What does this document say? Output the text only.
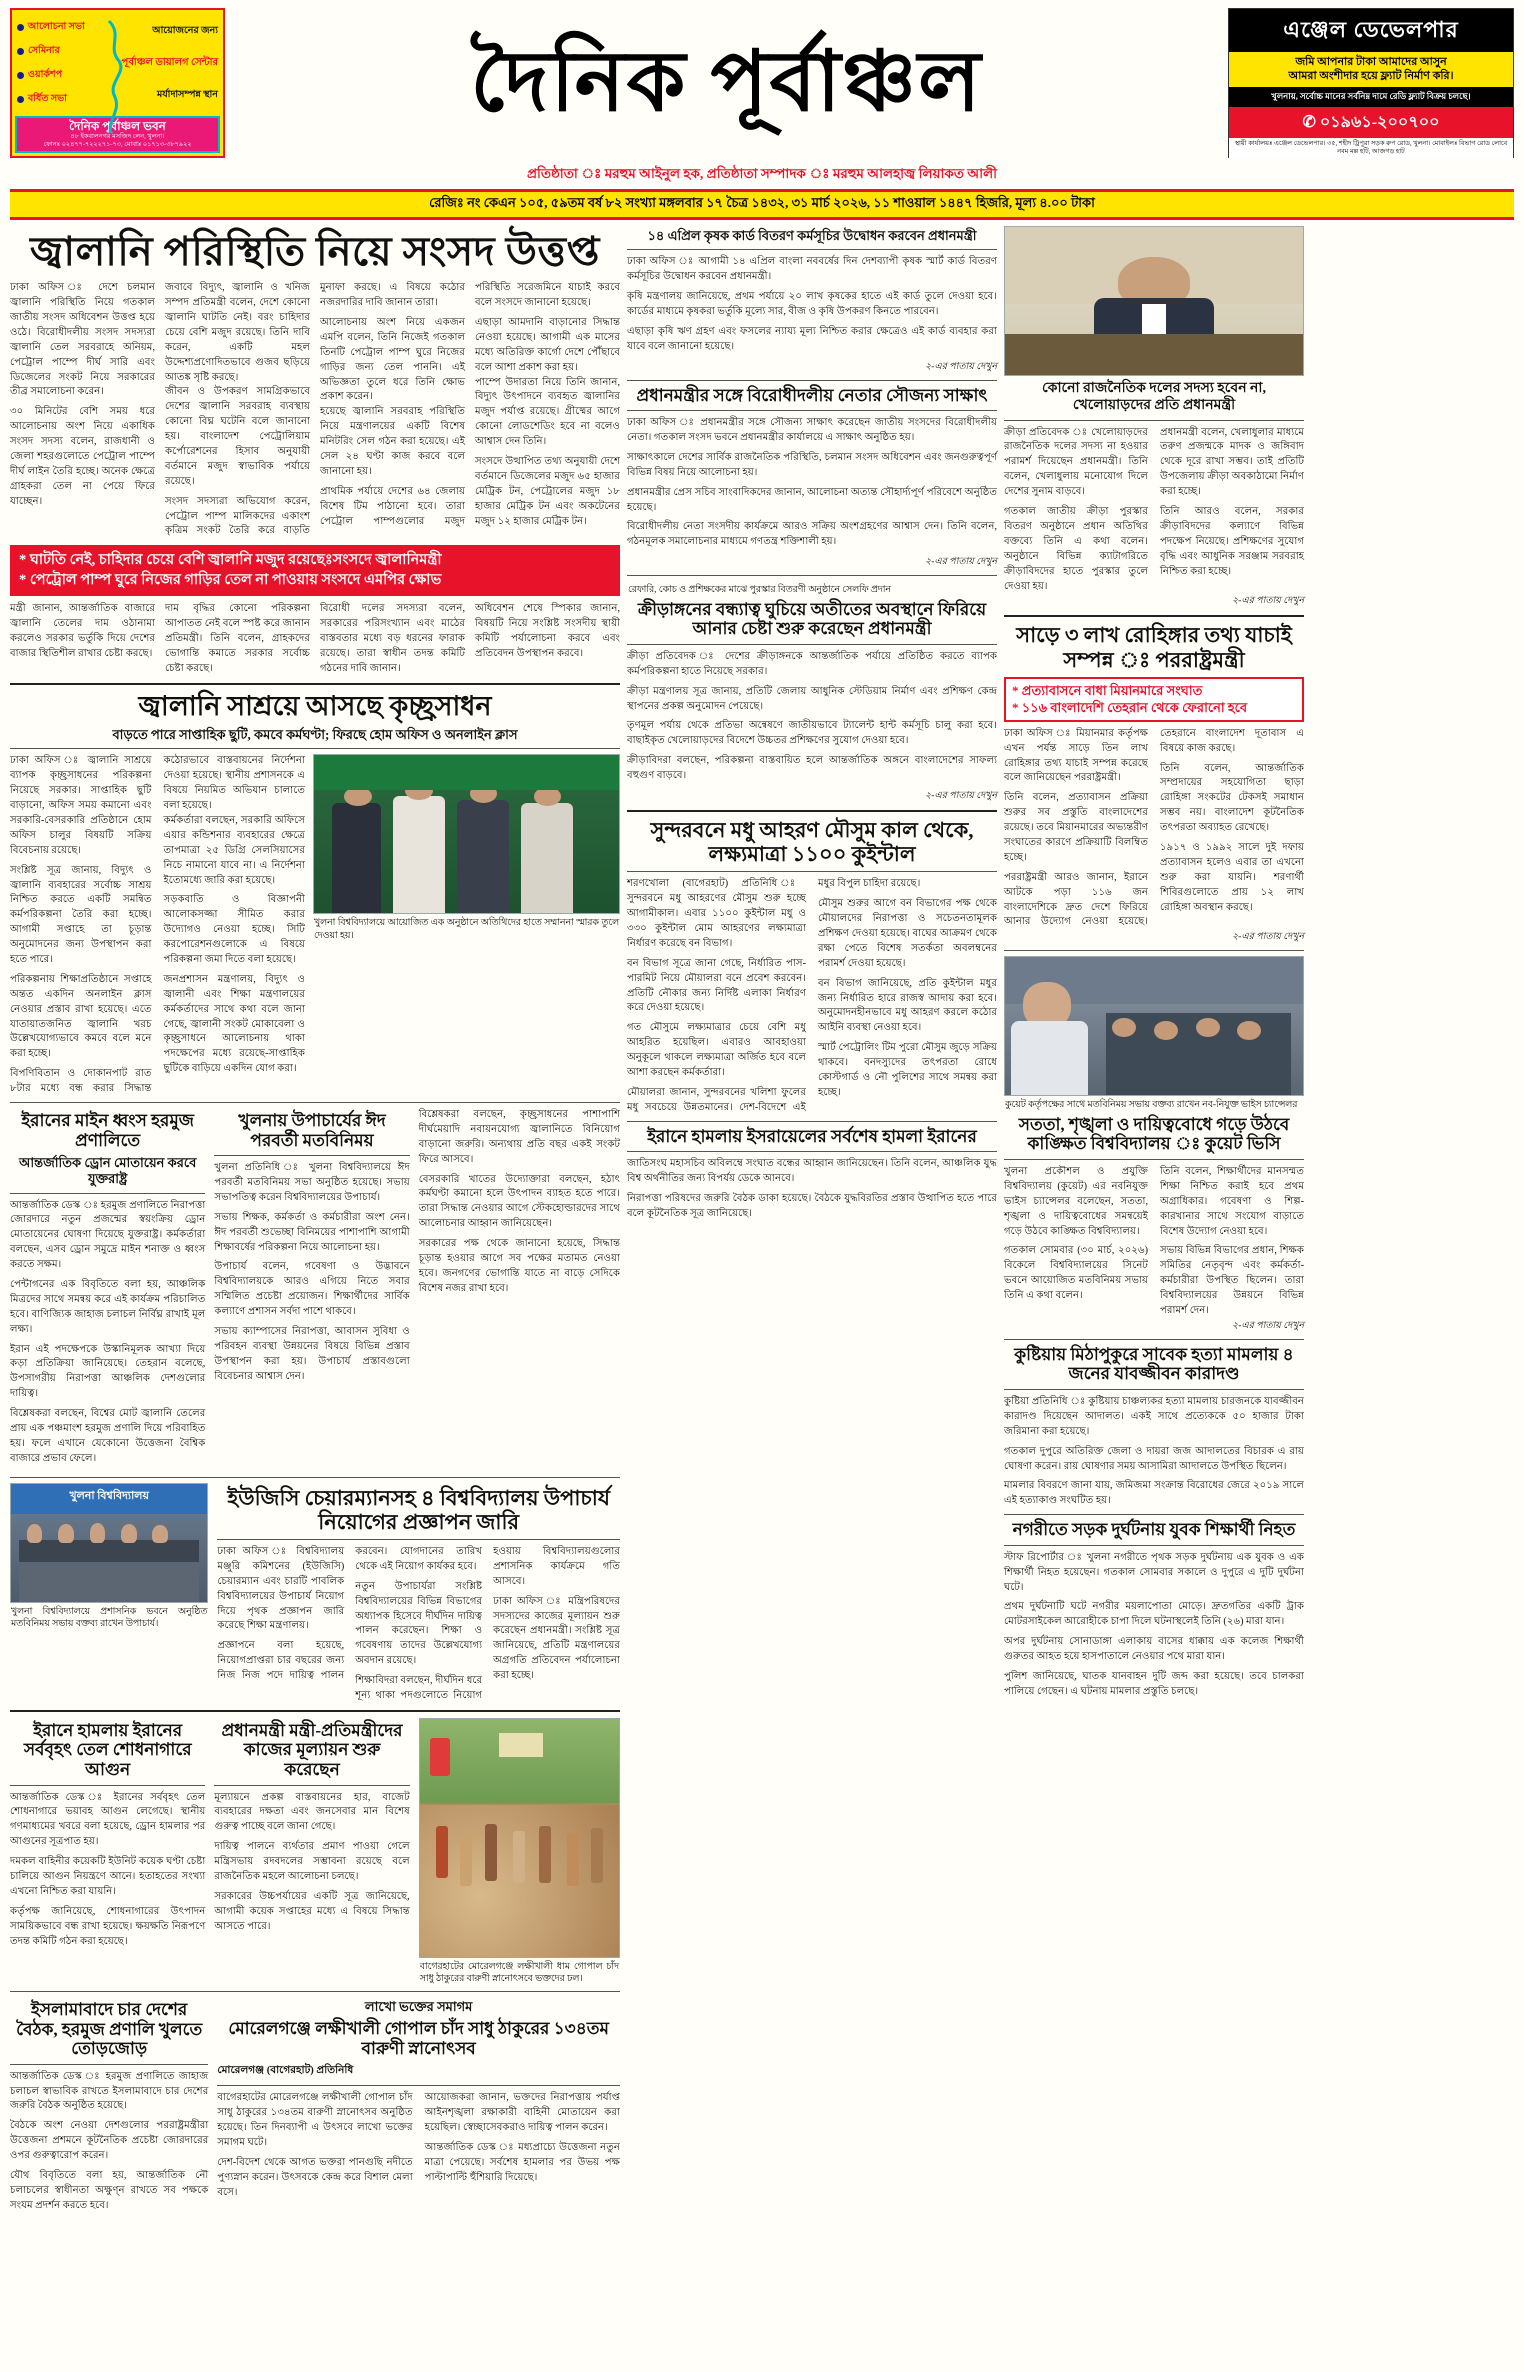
আলোচনা সভা
সেমিনার
ওয়ার্কশপ
বর্ধিত সভা
আয়োজনের জন্য
পূর্বাঞ্চল ডায়ালগ সেন্টার
মর্যাদাসম্পন্ন স্থান
দৈনিক পূর্বাঞ্চল ভবন
৪৮ ইকবালনগর মসজিদ লেন, খুলনা।
ফোনঃ ০২৪৭৭-৭২২২৭১-৭৩, মোবাঃ ০১৭১৩-৩৮৭৯২২
দৈনিক পূর্বাঞ্চল
এঞ্জেল ডেভেলপার
জমি আপনার টাকা আমাদের আসুন
আমরা অংশীদার হয়ে ফ্ল্যাট নির্মাণ করি।
খুলনায়, সর্বোচ্চ মানের সর্বনিম্ন দামে রেডি ফ্ল্যাট বিক্রয় চলছে।
✆ ০১৯৬১-২০০৭০০
স্থায়ী কার্যালয়ঃ এঞ্জেল ডেভেলপার। ৩৫, শহীদ ট্রিপুরা সড়ক রুপ রোড, খুলনা। মোবাইলঃ বিভাগ রোড লোবে নবম মল্ল হটি, আজগড় হাট
প্রতিষ্ঠাতা ঃ মরহুম আইনুল হক, প্রতিষ্ঠাতা সম্পাদক ঃ মরহুম আলহাজ্ব লিয়াকত আলী
রেজিঃ নং কেএন ১০৫, ৫৯তম বর্ষ ৮২ সংখ্যা মঙ্গলবার ১৭ চৈত্র ১৪৩২, ৩১ মার্চ ২০২৬, ১১ শাওয়াল ১৪৪৭ হিজরি, মূল্য ৪.০০ টাকা
জ্বালানি পরিস্থিতি নিয়ে সংসদ উত্তপ্ত

ঢাকা অফিস ঃ দেশে চলমান জ্বালানি পরিস্থিতি নিয়ে গতকাল জাতীয় সংসদ অধিবেশন উত্তপ্ত হয়ে ওঠে। বিরোধীদলীয় সংসদ সদস্যরা জ্বালানি তেল সরবরাহে অনিয়ম, পেট্রোল পাম্পে দীর্ঘ সারি এবং ডিজেলের সংকট নিয়ে সরকারের তীব্র সমালোচনা করেন।

৩০ মিনিটের বেশি সময় ধরে আলোচনায় অংশ নিয়ে একাধিক সংসদ সদস্য বলেন, রাজধানী ও জেলা শহরগুলোতে পেট্রোল পাম্পে দীর্ঘ লাইন তৈরি হচ্ছে। অনেক ক্ষেত্রে গ্রাহকরা তেল না পেয়ে ফিরে যাচ্ছেন।

জবাবে বিদ্যুৎ, জ্বালানি ও খনিজ সম্পদ প্রতিমন্ত্রী বলেন, দেশে কোনো জ্বালানি ঘাটতি নেই। বরং চাহিদার চেয়ে বেশি মজুদ রয়েছে। তিনি দাবি করেন, একটি মহল উদ্দেশ্যপ্রণোদিতভাবে গুজব ছড়িয়ে আতঙ্ক সৃষ্টি করছে।

জীবন ও উপকরণ সামগ্রিকভাবে দেশের জ্বালানি সরবরাহ ব্যবস্থায় কোনো বিঘ্ন ঘটেনি বলে জানানো হয়। বাংলাদেশ পেট্রোলিয়াম কর্পোরেশনের হিসাব অনুযায়ী বর্তমানে মজুদ স্বাভাবিক পর্যায়ে রয়েছে।

সংসদ সদস্যরা অভিযোগ করেন, পেট্রোল পাম্প মালিকদের একাংশ কৃত্রিম সংকট তৈরি করে বাড়তি মুনাফা করছে। এ বিষয়ে কঠোর নজরদারির দাবি জানান তারা।

আলোচনায় অংশ নিয়ে একজন এমপি বলেন, তিনি নিজেই গতকাল তিনটি পেট্রোল পাম্প ঘুরে নিজের গাড়ির জন্য তেল পাননি। এই অভিজ্ঞতা তুলে ধরে তিনি ক্ষোভ প্রকাশ করেন।

হয়েছে জ্বালানি সরবরাহ পরিস্থিতি নিয়ে মন্ত্রণালয়ের একটি বিশেষ মনিটরিং সেল গঠন করা হয়েছে। এই সেল ২৪ ঘণ্টা কাজ করবে বলে জানানো হয়।

প্রাথমিক পর্যায়ে দেশের ৬৪ জেলায় বিশেষ টিম পাঠানো হবে। তারা পেট্রোল পাম্পগুলোর মজুদ পরিস্থিতি সরেজমিনে যাচাই করবে বলে সংসদে জানানো হয়েছে।

এছাড়া আমদানি বাড়ানোর সিদ্ধান্ত নেওয়া হয়েছে। আগামী এক মাসের মধ্যে অতিরিক্ত কার্গো দেশে পৌঁছাবে বলে আশা প্রকাশ করা হয়।

পাম্পে উদারতা নিয়ে তিনি জানান, বিদ্যুৎ উৎপাদনে ব্যবহৃত জ্বালানির মজুদ পর্যাপ্ত রয়েছে। গ্রীষ্মের আগে কোনো লোডশেডিং হবে না বলেও আশ্বাস দেন তিনি।

সংসদে উত্থাপিত তথ্য অনুযায়ী দেশে বর্তমানে ডিজেলের মজুদ ৬৫ হাজার মেট্রিক টন, পেট্রোলের মজুদ ১৮ হাজার মেট্রিক টন এবং অকটেনের মজুদ ১২ হাজার মেট্রিক টন।

* ঘাটতি নেই, চাহিদার চেয়ে বেশি জ্বালানি মজুদ রয়েছেঃসংসদে জ্বালানিমন্ত্রী
* পেট্রোল পাম্প ঘুরে নিজের গাড়ির তেল না পাওয়ায় সংসদে এমপির ক্ষোভ

মন্ত্রী জানান, আন্তর্জাতিক বাজারে জ্বালানি তেলের দাম ওঠানামা করলেও সরকার ভর্তুকি দিয়ে দেশের বাজার স্থিতিশীল রাখার চেষ্টা করছে।

দাম বৃদ্ধির কোনো পরিকল্পনা আপাতত নেই বলে স্পষ্ট করে জানান প্রতিমন্ত্রী। তিনি বলেন, গ্রাহকদের ভোগান্তি কমাতে সরকার সর্বোচ্চ চেষ্টা করছে।

বিরোধী দলের সদস্যরা বলেন, সরকারের পরিসংখ্যান এবং মাঠের বাস্তবতার মধ্যে বড় ধরনের ফারাক রয়েছে। তারা স্বাধীন তদন্ত কমিটি গঠনের দাবি জানান।

অধিবেশন শেষে স্পিকার জানান, বিষয়টি নিয়ে সংশ্লিষ্ট সংসদীয় স্থায়ী কমিটি পর্যালোচনা করবে এবং প্রতিবেদন উপস্থাপন করবে।

জ্বালানি সাশ্রয়ে আসছে কৃচ্ছ্রসাধন
বাড়তে পারে সাপ্তাহিক ছুটি, কমবে কর্মঘণ্টা; ফিরছে হোম অফিস ও অনলাইন ক্লাস

ঢাকা অফিস ঃ জ্বালানি সাশ্রয়ে ব্যাপক কৃচ্ছ্রসাধনের পরিকল্পনা নিয়েছে সরকার। সাপ্তাহিক ছুটি বাড়ানো, অফিস সময় কমানো এবং সরকারি-বেসরকারি প্রতিষ্ঠানে হোম অফিস চালুর বিষয়টি সক্রিয় বিবেচনায় রয়েছে।

সংশ্লিষ্ট সূত্র জানায়, বিদ্যুৎ ও জ্বালানি ব্যবহারের সর্বোচ্চ সাশ্রয় নিশ্চিত করতে একটি সমন্বিত কর্মপরিকল্পনা তৈরি করা হচ্ছে। আগামী সপ্তাহে তা চূড়ান্ত অনুমোদনের জন্য উপস্থাপন করা হতে পারে।

পরিকল্পনায় শিক্ষাপ্রতিষ্ঠানে সপ্তাহে অন্তত একদিন অনলাইন ক্লাস নেওয়ার প্রস্তাব রাখা হয়েছে। এতে যাতায়াতজনিত জ্বালানি খরচ উল্লেখযোগ্যভাবে কমবে বলে মনে করা হচ্ছে।

বিপণিবিতান ও দোকানপাট রাত ৮টার মধ্যে বন্ধ করার সিদ্ধান্ত কঠোরভাবে বাস্তবায়নের নির্দেশনা দেওয়া হয়েছে। স্থানীয় প্রশাসনকে এ বিষয়ে নিয়মিত অভিযান চালাতে বলা হয়েছে।

কর্মকর্তারা বলছেন, সরকারি অফিসে এয়ার কন্ডিশনার ব্যবহারের ক্ষেত্রে তাপমাত্রা ২৫ ডিগ্রি সেলসিয়াসের নিচে নামানো যাবে না। এ নির্দেশনা ইতোমধ্যে জারি করা হয়েছে।

সড়কবাতি ও বিজ্ঞাপনী আলোকসজ্জা সীমিত করার উদ্যোগও নেওয়া হচ্ছে। সিটি করপোরেশনগুলোকে এ বিষয়ে পরিকল্পনা জমা দিতে বলা হয়েছে।

জনপ্রশাসন মন্ত্রণালয়, বিদ্যুৎ ও জ্বালানী এবং শিক্ষা মন্ত্রণালয়ের কর্মকর্তাদের সাথে কথা বলে জানা গেছে, জ্বালানী সংকট মোকাবেলা ও কৃচ্ছ্রসাধনে আলোচনায় থাকা পদক্ষেপের মধ্যে রয়েছে-সাপ্তাহিক ছুটিকে বাড়িয়ে একদিন যোগ করা।

খুলনা বিশ্ববিদ্যালয়ে আয়োজিত এক অনুষ্ঠানে অতিথিদের হাতে সম্মাননা স্মারক তুলে দেওয়া হয়।
ইরানের মাইন ধ্বংস হরমুজ প্রণালিতে
আন্তর্জাতিক ড্রোন মোতায়েন করবে যুক্তরাষ্ট্র

আন্তর্জাতিক ডেস্ক ঃ হরমুজ প্রণালিতে নিরাপত্তা জোরদারে নতুন প্রজন্মের স্বয়ংক্রিয় ড্রোন মোতায়েনের ঘোষণা দিয়েছে যুক্তরাষ্ট্র। কর্মকর্তারা বলছেন, এসব ড্রোন সমুদ্রে মাইন শনাক্ত ও ধ্বংস করতে সক্ষম।

পেন্টাগনের এক বিবৃতিতে বলা হয়, আঞ্চলিক মিত্রদের সাথে সমন্বয় করে এই কার্যক্রম পরিচালিত হবে। বাণিজ্যিক জাহাজ চলাচল নির্বিঘ্ন রাখাই মূল লক্ষ্য।

ইরান এই পদক্ষেপকে উস্কানিমূলক আখ্যা দিয়ে কড়া প্রতিক্রিয়া জানিয়েছে। তেহরান বলেছে, উপসাগরীয় নিরাপত্তা আঞ্চলিক দেশগুলোর দায়িত্ব।

বিশ্লেষকরা বলছেন, বিশ্বের মোট জ্বালানি তেলের প্রায় এক পঞ্চমাংশ হরমুজ প্রণালি দিয়ে পরিবাহিত হয়। ফলে এখানে যেকোনো উত্তেজনা বৈশ্বিক বাজারে প্রভাব ফেলে।

খুলনায় উপাচার্যের ঈদ পরবর্তী মতবিনিময়

খুলনা প্রতিনিধি ঃ খুলনা বিশ্ববিদ্যালয়ে ঈদ পরবর্তী মতবিনিময় সভা অনুষ্ঠিত হয়েছে। সভায় সভাপতিত্ব করেন বিশ্ববিদ্যালয়ের উপাচার্য।

সভায় শিক্ষক, কর্মকর্তা ও কর্মচারীরা অংশ নেন। ঈদ পরবর্তী শুভেচ্ছা বিনিময়ের পাশাপাশি আগামী শিক্ষাবর্ষের পরিকল্পনা নিয়ে আলোচনা হয়।

উপাচার্য বলেন, গবেষণা ও উদ্ভাবনে বিশ্ববিদ্যালয়কে আরও এগিয়ে নিতে সবার সম্মিলিত প্রচেষ্টা প্রয়োজন। শিক্ষার্থীদের সার্বিক কল্যাণে প্রশাসন সর্বদা পাশে থাকবে।

সভায় ক্যাম্পাসের নিরাপত্তা, আবাসন সুবিধা ও পরিবহন ব্যবস্থা উন্নয়নের বিষয়ে বিভিন্ন প্রস্তাব উপস্থাপন করা হয়। উপাচার্য প্রস্তাবগুলো বিবেচনার আশ্বাস দেন।

বিশ্লেষকরা বলছেন, কৃচ্ছ্রসাধনের পাশাপাশি দীর্ঘমেয়াদি নবায়নযোগ্য জ্বালানিতে বিনিয়োগ বাড়ানো জরুরি। অন্যথায় প্রতি বছর একই সংকট ফিরে আসবে।

বেসরকারি খাতের উদ্যোক্তারা বলছেন, হঠাৎ কর্মঘণ্টা কমানো হলে উৎপাদন ব্যাহত হতে পারে। তারা সিদ্ধান্ত নেওয়ার আগে স্টেকহোল্ডারদের সাথে আলোচনার আহ্বান জানিয়েছেন।

সরকারের পক্ষ থেকে জানানো হয়েছে, সিদ্ধান্ত চূড়ান্ত হওয়ার আগে সব পক্ষের মতামত নেওয়া হবে। জনগণের ভোগান্তি যাতে না বাড়ে সেদিকে বিশেষ নজর রাখা হবে।

খুলনা বিশ্ববিদ্যালয়
খুলনা বিশ্ববিদ্যালয়ে প্রশাসনিক ভবনে অনুষ্ঠিত মতবিনিময় সভায় বক্তব্য রাখেন উপাচার্য।
ইউজিসি চেয়ারম্যানসহ ৪ বিশ্ববিদ্যালয় উপাচার্য নিয়োগের প্রজ্ঞাপন জারি

ঢাকা অফিস ঃ বিশ্ববিদ্যালয় মঞ্জুরি কমিশনের (ইউজিসি) চেয়ারম্যান এবং চারটি পাবলিক বিশ্ববিদ্যালয়ের উপাচার্য নিয়োগ দিয়ে পৃথক প্রজ্ঞাপন জারি করেছে শিক্ষা মন্ত্রণালয়।

প্রজ্ঞাপনে বলা হয়েছে, নিয়োগপ্রাপ্তরা চার বছরের জন্য নিজ নিজ পদে দায়িত্ব পালন করবেন। যোগদানের তারিখ থেকে এই নিয়োগ কার্যকর হবে।

নতুন উপাচার্যরা সংশ্লিষ্ট বিশ্ববিদ্যালয়ের বিভিন্ন বিভাগের অধ্যাপক হিসেবে দীর্ঘদিন দায়িত্ব পালন করেছেন। শিক্ষা ও গবেষণায় তাদের উল্লেখযোগ্য অবদান রয়েছে।

শিক্ষাবিদরা বলছেন, দীর্ঘদিন ধরে শূন্য থাকা পদগুলোতে নিয়োগ হওয়ায় বিশ্ববিদ্যালয়গুলোর প্রশাসনিক কার্যক্রমে গতি আসবে।

ঢাকা অফিস ঃ মন্ত্রিপরিষদের সদস্যদের কাজের মূল্যায়ন শুরু করেছেন প্রধানমন্ত্রী। সংশ্লিষ্ট সূত্র জানিয়েছে, প্রতিটি মন্ত্রণালয়ের অগ্রগতি প্রতিবেদন পর্যালোচনা করা হচ্ছে।

ইরানে হামলায় ইরানের সর্ববৃহৎ তেল শোধনাগারে আগুন

আন্তর্জাতিক ডেস্ক ঃ ইরানের সর্ববৃহৎ তেল শোধনাগারে ভয়াবহ আগুন লেগেছে। স্থানীয় গণমাধ্যমের খবরে বলা হয়েছে, ড্রোন হামলার পর আগুনের সূত্রপাত হয়।

দমকল বাহিনীর কয়েকটি ইউনিট কয়েক ঘণ্টা চেষ্টা চালিয়ে আগুন নিয়ন্ত্রণে আনে। হতাহতের সংখ্যা এখনো নিশ্চিত করা যায়নি।

কর্তৃপক্ষ জানিয়েছে, শোধনাগারের উৎপাদন সাময়িকভাবে বন্ধ রাখা হয়েছে। ক্ষয়ক্ষতি নিরূপণে তদন্ত কমিটি গঠন করা হয়েছে।

প্রধানমন্ত্রী মন্ত্রী-প্রতিমন্ত্রীদের কাজের মূল্যায়ন শুরু করেছেন

মূল্যায়নে প্রকল্প বাস্তবায়নের হার, বাজেট ব্যবহারের দক্ষতা এবং জনসেবার মান বিশেষ গুরুত্ব পাচ্ছে বলে জানা গেছে।

দায়িত্ব পালনে ব্যর্থতার প্রমাণ পাওয়া গেলে মন্ত্রিসভায় রদবদলের সম্ভাবনা রয়েছে বলে রাজনৈতিক মহলে আলোচনা চলছে।

সরকারের উচ্চপর্যায়ের একটি সূত্র জানিয়েছে, আগামী কয়েক সপ্তাহের মধ্যে এ বিষয়ে সিদ্ধান্ত আসতে পারে।

বাগেরহাটের মোরেলগঞ্জে লক্ষীখালী ধাম গোপাল চাঁদ সাধু ঠাকুরের বারুণী স্নানোৎসবে ভক্তদের ঢল।
ইসলামাবাদে চার দেশের বৈঠক, হরমুজ প্রণালি খুলতে তোড়জোড়

আন্তর্জাতিক ডেস্ক ঃ হরমুজ প্রণালিতে জাহাজ চলাচল স্বাভাবিক রাখতে ইসলামাবাদে চার দেশের জরুরি বৈঠক অনুষ্ঠিত হয়েছে।

বৈঠকে অংশ নেওয়া দেশগুলোর পররাষ্ট্রমন্ত্রীরা উত্তেজনা প্রশমনে কূটনৈতিক প্রচেষ্টা জোরদারের ওপর গুরুত্বারোপ করেন।

যৌথ বিবৃতিতে বলা হয়, আন্তর্জাতিক নৌ চলাচলের স্বাধীনতা অক্ষুণ্ন রাখতে সব পক্ষকে সংযম প্রদর্শন করতে হবে।

লাখো ভক্তের সমাগম
মোরেলগঞ্জে লক্ষীখালী গোপাল চাঁদ সাধু ঠাকুরের ১৩৪তম বারুণী স্নানোৎসব
মোরেলগঞ্জ (বাগেরহাট) প্রতিনিধি

বাগেরহাটের মোরেলগঞ্জে লক্ষীখালী গোপাল চাঁদ সাধু ঠাকুরের ১৩৪তম বারুণী স্নানোৎসব অনুষ্ঠিত হয়েছে। তিন দিনব্যাপী এ উৎসবে লাখো ভক্তের সমাগম ঘটে।

দেশ-বিদেশ থেকে আগত ভক্তরা পানগুছি নদীতে পুণ্যস্নান করেন। উৎসবকে কেন্দ্র করে বিশাল মেলা বসে।

আয়োজকরা জানান, ভক্তদের নিরাপত্তায় পর্যাপ্ত আইনশৃঙ্খলা রক্ষাকারী বাহিনী মোতায়েন করা হয়েছিল। স্বেচ্ছাসেবকরাও দায়িত্ব পালন করেন।

আন্তর্জাতিক ডেস্ক ঃ মধ্যপ্রাচ্যে উত্তেজনা নতুন মাত্রা পেয়েছে। সর্বশেষ হামলার পর উভয় পক্ষ পাল্টাপাল্টি হুঁশিয়ারি দিয়েছে।

১৪ এপ্রিল কৃষক কার্ড বিতরণ কর্মসূচির উদ্বোধন করবেন প্রধানমন্ত্রী

ঢাকা অফিস ঃ আগামী ১৪ এপ্রিল বাংলা নববর্ষের দিন দেশব্যাপী কৃষক স্মার্ট কার্ড বিতরণ কর্মসূচির উদ্বোধন করবেন প্রধানমন্ত্রী।

কৃষি মন্ত্রণালয় জানিয়েছে, প্রথম পর্যায়ে ২০ লাখ কৃষকের হাতে এই কার্ড তুলে দেওয়া হবে। কার্ডের মাধ্যমে কৃষকরা ভর্তুকি মূল্যে সার, বীজ ও কৃষি উপকরণ কিনতে পারবেন।

এছাড়া কৃষি ঋণ গ্রহণ এবং ফসলের ন্যায্য মূল্য নিশ্চিত করার ক্ষেত্রেও এই কার্ড ব্যবহার করা যাবে বলে জানানো হয়েছে।

২-এর পাতায় দেখুন
প্রধানমন্ত্রীর সঙ্গে বিরোধীদলীয় নেতার সৌজন্য সাক্ষাৎ

ঢাকা অফিস ঃ প্রধানমন্ত্রীর সঙ্গে সৌজন্য সাক্ষাৎ করেছেন জাতীয় সংসদের বিরোধীদলীয় নেতা। গতকাল সংসদ ভবনে প্রধানমন্ত্রীর কার্যালয়ে এ সাক্ষাৎ অনুষ্ঠিত হয়।

সাক্ষাৎকালে দেশের সার্বিক রাজনৈতিক পরিস্থিতি, চলমান সংসদ অধিবেশন এবং জনগুরুত্বপূর্ণ বিভিন্ন বিষয় নিয়ে আলোচনা হয়।

প্রধানমন্ত্রীর প্রেস সচিব সাংবাদিকদের জানান, আলোচনা অত্যন্ত সৌহার্দ্যপূর্ণ পরিবেশে অনুষ্ঠিত হয়েছে।

বিরোধীদলীয় নেতা সংসদীয় কার্যক্রমে আরও সক্রিয় অংশগ্রহণের আশ্বাস দেন। তিনি বলেন, গঠনমূলক সমালোচনার মাধ্যমে গণতন্ত্র শক্তিশালী হয়।

২-এর পাতায় দেখুন
রেফারি, কোচ ও প্রশিক্ষকের মাঝে পুরস্কার বিতরণী অনুষ্ঠানে সেলফি প্রদান
ক্রীড়াঙ্গনের বন্ধ্যাত্ব ঘুচিয়ে অতীতের অবস্থানে ফিরিয়ে আনার চেষ্টা শুরু করেছেন প্রধানমন্ত্রী

ক্রীড়া প্রতিবেদক ঃ দেশের ক্রীড়াঙ্গনকে আন্তর্জাতিক পর্যায়ে প্রতিষ্ঠিত করতে ব্যাপক কর্মপরিকল্পনা হাতে নিয়েছে সরকার।

ক্রীড়া মন্ত্রণালয় সূত্র জানায়, প্রতিটি জেলায় আধুনিক স্টেডিয়াম নির্মাণ এবং প্রশিক্ষণ কেন্দ্র স্থাপনের প্রকল্প অনুমোদন পেয়েছে।

তৃণমূল পর্যায় থেকে প্রতিভা অন্বেষণে জাতীয়ভাবে ট্যালেন্ট হান্ট কর্মসূচি চালু করা হবে। বাছাইকৃত খেলোয়াড়দের বিদেশে উচ্চতর প্রশিক্ষণের সুযোগ দেওয়া হবে।

ক্রীড়াবিদরা বলছেন, পরিকল্পনা বাস্তবায়িত হলে আন্তর্জাতিক অঙ্গনে বাংলাদেশের সাফল্য বহুগুণ বাড়বে।

২-এর পাতায় দেখুন
সুন্দরবনে মধু আহরণ মৌসুম কাল থেকে, লক্ষ্যমাত্রা ১১০০ কুইন্টাল

শরণখোলা (বাগেরহাট) প্রতিনিধি ঃ সুন্দরবনে মধু আহরণের মৌসুম শুরু হচ্ছে আগামীকাল। এবার ১১০০ কুইন্টাল মধু ও ৩৩০ কুইন্টাল মোম আহরণের লক্ষ্যমাত্রা নির্ধারণ করেছে বন বিভাগ।

বন বিভাগ সূত্রে জানা গেছে, নির্ধারিত পাস-পারমিট নিয়ে মৌয়ালরা বনে প্রবেশ করবেন। প্রতিটি নৌকার জন্য নির্দিষ্ট এলাকা নির্ধারণ করে দেওয়া হয়েছে।

গত মৌসুমে লক্ষ্যমাত্রার চেয়ে বেশি মধু আহরিত হয়েছিল। এবারও আবহাওয়া অনুকূলে থাকলে লক্ষ্যমাত্রা অর্জিত হবে বলে আশা করছেন কর্মকর্তারা।

মৌয়ালরা জানান, সুন্দরবনের খলিশা ফুলের মধু সবচেয়ে উন্নতমানের। দেশ-বিদেশে এই মধুর বিপুল চাহিদা রয়েছে।

মৌসুম শুরুর আগে বন বিভাগের পক্ষ থেকে মৌয়ালদের নিরাপত্তা ও সচেতনতামূলক প্রশিক্ষণ দেওয়া হয়েছে। বাঘের আক্রমণ থেকে রক্ষা পেতে বিশেষ সতর্কতা অবলম্বনের পরামর্শ দেওয়া হয়েছে।

বন বিভাগ জানিয়েছে, প্রতি কুইন্টাল মধুর জন্য নির্ধারিত হারে রাজস্ব আদায় করা হবে। অনুমোদনহীনভাবে মধু আহরণ করলে কঠোর আইনি ব্যবস্থা নেওয়া হবে।

স্মার্ট পেট্রোলিং টিম পুরো মৌসুম জুড়ে সক্রিয় থাকবে। বনদস্যুদের তৎপরতা রোধে কোস্টগার্ড ও নৌ পুলিশের সাথে সমন্বয় করা হচ্ছে।

ইরানে হামলায় ইসরায়েলের সর্বশেষ হামলা ইরানের

জাতিসংঘ মহাসচিব অবিলম্বে সংঘাত বন্ধের আহ্বান জানিয়েছেন। তিনি বলেন, আঞ্চলিক যুদ্ধ বিশ্ব অর্থনীতির জন্য বিপর্যয় ডেকে আনবে।

নিরাপত্তা পরিষদের জরুরি বৈঠক ডাকা হয়েছে। বৈঠকে যুদ্ধবিরতির প্রস্তাব উত্থাপিত হতে পারে বলে কূটনৈতিক সূত্র জানিয়েছে।

কোনো রাজনৈতিক দলের সদস্য হবেন না, খেলোয়াড়দের প্রতি প্রধানমন্ত্রী

ক্রীড়া প্রতিবেদক ঃ খেলোয়াড়দের রাজনৈতিক দলের সদস্য না হওয়ার পরামর্শ দিয়েছেন প্রধানমন্ত্রী। তিনি বলেন, খেলাধুলায় মনোযোগ দিলে দেশের সুনাম বাড়বে।

গতকাল জাতীয় ক্রীড়া পুরস্কার বিতরণ অনুষ্ঠানে প্রধান অতিথির বক্তব্যে তিনি এ কথা বলেন। অনুষ্ঠানে বিভিন্ন ক্যাটাগরিতে ক্রীড়াবিদদের হাতে পুরস্কার তুলে দেওয়া হয়।

প্রধানমন্ত্রী বলেন, খেলাধুলার মাধ্যমে তরুণ প্রজন্মকে মাদক ও জঙ্গিবাদ থেকে দূরে রাখা সম্ভব। তাই প্রতিটি উপজেলায় ক্রীড়া অবকাঠামো নির্মাণ করা হচ্ছে।

তিনি আরও বলেন, সরকার ক্রীড়াবিদদের কল্যাণে বিভিন্ন পদক্ষেপ নিয়েছে। প্রশিক্ষণের সুযোগ বৃদ্ধি এবং আধুনিক সরঞ্জাম সরবরাহ নিশ্চিত করা হচ্ছে।

২-এর পাতায় দেখুন
সাড়ে ৩ লাখ রোহিঙ্গার তথ্য যাচাই সম্পন্ন ঃ পররাষ্ট্রমন্ত্রী
* প্রত্যাবাসনে বাধা মিয়ানমারে সংঘাত
* ১১৬ বাংলাদেশি তেহরান থেকে ফেরানো হবে

ঢাকা অফিস ঃ মিয়ানমার কর্তৃপক্ষ এখন পর্যন্ত সাড়ে তিন লাখ রোহিঙ্গার তথ্য যাচাই সম্পন্ন করেছে বলে জানিয়েছেন পররাষ্ট্রমন্ত্রী।

তিনি বলেন, প্রত্যাবাসন প্রক্রিয়া শুরুর সব প্রস্তুতি বাংলাদেশের রয়েছে। তবে মিয়ানমারের অভ্যন্তরীণ সংঘাতের কারণে প্রক্রিয়াটি বিলম্বিত হচ্ছে।

পররাষ্ট্রমন্ত্রী আরও জানান, ইরানে আটকে পড়া ১১৬ জন বাংলাদেশিকে দ্রুত দেশে ফিরিয়ে আনার উদ্যোগ নেওয়া হয়েছে। তেহরানে বাংলাদেশ দূতাবাস এ বিষয়ে কাজ করছে।

তিনি বলেন, আন্তর্জাতিক সম্প্রদায়ের সহযোগিতা ছাড়া রোহিঙ্গা সংকটের টেকসই সমাধান সম্ভব নয়। বাংলাদেশ কূটনৈতিক তৎপরতা অব্যাহত রেখেছে।

১৯১৭ ও ১৯৯২ সালে দুই দফায় প্রত্যাবাসন হলেও এবার তা এখনো শুরু করা যায়নি। শরণার্থী শিবিরগুলোতে প্রায় ১২ লাখ রোহিঙ্গা অবস্থান করছে।

২-এর পাতায় দেখুন
কুয়েট কর্তৃপক্ষের সাথে মতবিনিময় সভায় বক্তব্য রাখেন নব-নিযুক্ত ভাইস চ্যান্সেলর
সততা, শৃঙ্খলা ও দায়িত্ববোধে গড়ে উঠবে কাঙ্ক্ষিত বিশ্ববিদ্যালয় ঃ কুয়েট ভিসি

খুলনা প্রকৌশল ও প্রযুক্তি বিশ্ববিদ্যালয় (কুয়েট) এর নবনিযুক্ত ভাইস চ্যান্সেলর বলেছেন, সততা, শৃঙ্খলা ও দায়িত্ববোধের সমন্বয়েই গড়ে উঠবে কাঙ্ক্ষিত বিশ্ববিদ্যালয়।

গতকাল সোমবার (৩০ মার্চ, ২০২৬) বিকেলে বিশ্ববিদ্যালয়ের সিনেট ভবনে আয়োজিত মতবিনিময় সভায় তিনি এ কথা বলেন।

তিনি বলেন, শিক্ষার্থীদের মানসম্মত শিক্ষা নিশ্চিত করাই হবে প্রথম অগ্রাধিকার। গবেষণা ও শিল্প-কারখানার সাথে সংযোগ বাড়াতে বিশেষ উদ্যোগ নেওয়া হবে।

সভায় বিভিন্ন বিভাগের প্রধান, শিক্ষক সমিতির নেতৃবৃন্দ এবং কর্মকর্তা-কর্মচারীরা উপস্থিত ছিলেন। তারা বিশ্ববিদ্যালয়ের উন্নয়নে বিভিন্ন পরামর্শ দেন।

২-এর পাতায় দেখুন
কুষ্টিয়ায় মিঠাপুকুরে সাবেক হত্যা মামলায় ৪ জনের যাবজ্জীবন কারাদণ্ড

কুষ্টিয়া প্রতিনিধি ঃ কুষ্টিয়ায় চাঞ্চল্যকর হত্যা মামলায় চারজনকে যাবজ্জীবন কারাদণ্ড দিয়েছেন আদালত। একই সাথে প্রত্যেককে ৫০ হাজার টাকা জরিমানা করা হয়েছে।

গতকাল দুপুরে অতিরিক্ত জেলা ও দায়রা জজ আদালতের বিচারক এ রায় ঘোষণা করেন। রায় ঘোষণার সময় আসামিরা আদালতে উপস্থিত ছিলেন।

মামলার বিবরণে জানা যায়, জমিজমা সংক্রান্ত বিরোধের জেরে ২০১৯ সালে এই হত্যাকাণ্ড সংঘটিত হয়।

নগরীতে সড়ক দুর্ঘটনায় যুবক শিক্ষার্থী নিহত

স্টাফ রিপোর্টার ঃ খুলনা নগরীতে পৃথক সড়ক দুর্ঘটনায় এক যুবক ও এক শিক্ষার্থী নিহত হয়েছেন। গতকাল সোমবার সকালে ও দুপুরে এ দুটি দুর্ঘটনা ঘটে।

প্রথম দুর্ঘটনাটি ঘটে নগরীর ময়লাপোতা মোড়ে। দ্রুতগতির একটি ট্রাক মোটরসাইকেল আরোহীকে চাপা দিলে ঘটনাস্থলেই তিনি (২৬) মারা যান।

অপর দুর্ঘটনায় সোনাডাঙ্গা এলাকায় বাসের ধাক্কায় এক কলেজ শিক্ষার্থী গুরুতর আহত হয়ে হাসপাতালে নেওয়ার পথে মারা যান।

পুলিশ জানিয়েছে, ঘাতক যানবাহন দুটি জব্দ করা হয়েছে। তবে চালকরা পালিয়ে গেছেন। এ ঘটনায় মামলার প্রস্তুতি চলছে।
